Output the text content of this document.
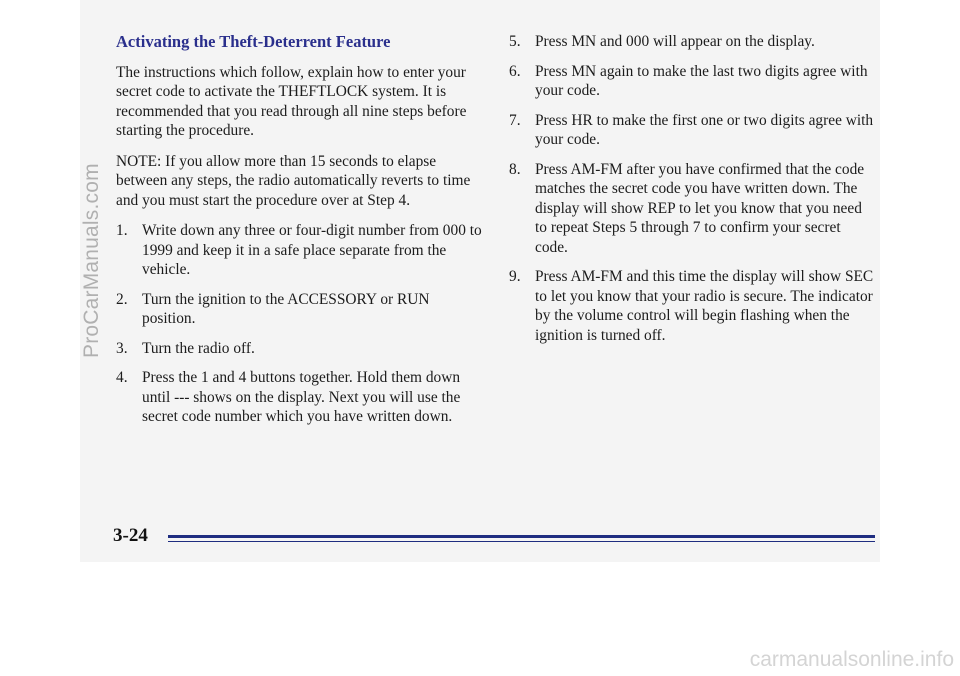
Activating the Theft-Deterrent Feature

The instructions which follow, explain how to enter your secret code to activate the THEFTLOCK system. It is recommended that you read through all nine steps before starting the procedure.

NOTE: If you allow more than 15 seconds to elapse between any steps, the radio automatically reverts to time and you must start the procedure over at Step 4.

1. Write down any three or four-digit number from 000 to 1999 and keep it in a safe place separate from the vehicle.
2. Turn the ignition to the ACCESSORY or RUN position.
3. Turn the radio off.
4. Press the 1 and 4 buttons together. Hold them down until --- shows on the display. Next you will use the secret code number which you have written down.
5. Press MN and 000 will appear on the display.
6. Press MN again to make the last two digits agree with your code.
7. Press HR to make the first one or two digits agree with your code.
8. Press AM-FM after you have confirmed that the code matches the secret code you have written down. The display will show REP to let you know that you need to repeat Steps 5 through 7 to confirm your secret code.
9. Press AM-FM and this time the display will show SEC to let you know that your radio is secure. The indicator by the volume control will begin flashing when the ignition is turned off.
3-24
ProCarManuals.com
carmanualsonline.info
